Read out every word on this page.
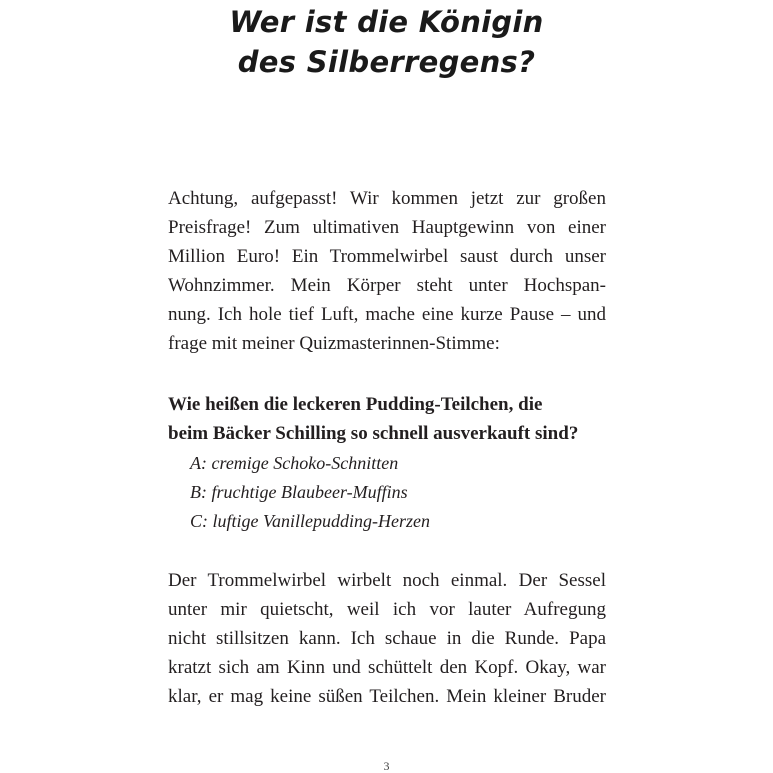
Wer ist die Königin
des Silberregens?
Achtung, aufgepasst! Wir kommen jetzt zur großen
Preisfrage! Zum ultimativen Hauptgewinn von einer
Million Euro! Ein Trommelwirbel saust durch unser
Wohnzimmer. Mein Körper steht unter Hochspan-
nung. Ich hole tief Luft, mache eine kurze Pause – und
frage mit meiner Quizmasterinnen-Stimme:
Wie heißen die leckeren Pudding-Teilchen, die
beim Bäcker Schilling so schnell ausverkauft sind?
A: cremige Schoko-Schnitten
B: fruchtige Blaubeer-Muffins
C: luftige Vanillepudding-Herzen
Der Trommelwirbel wirbelt noch einmal. Der Sessel
unter mir quietscht, weil ich vor lauter Aufregung
nicht stillsitzen kann. Ich schaue in die Runde. Papa
kratzt sich am Kinn und schüttelt den Kopf. Okay, war
klar, er mag keine süßen Teilchen. Mein kleiner Bruder
3
